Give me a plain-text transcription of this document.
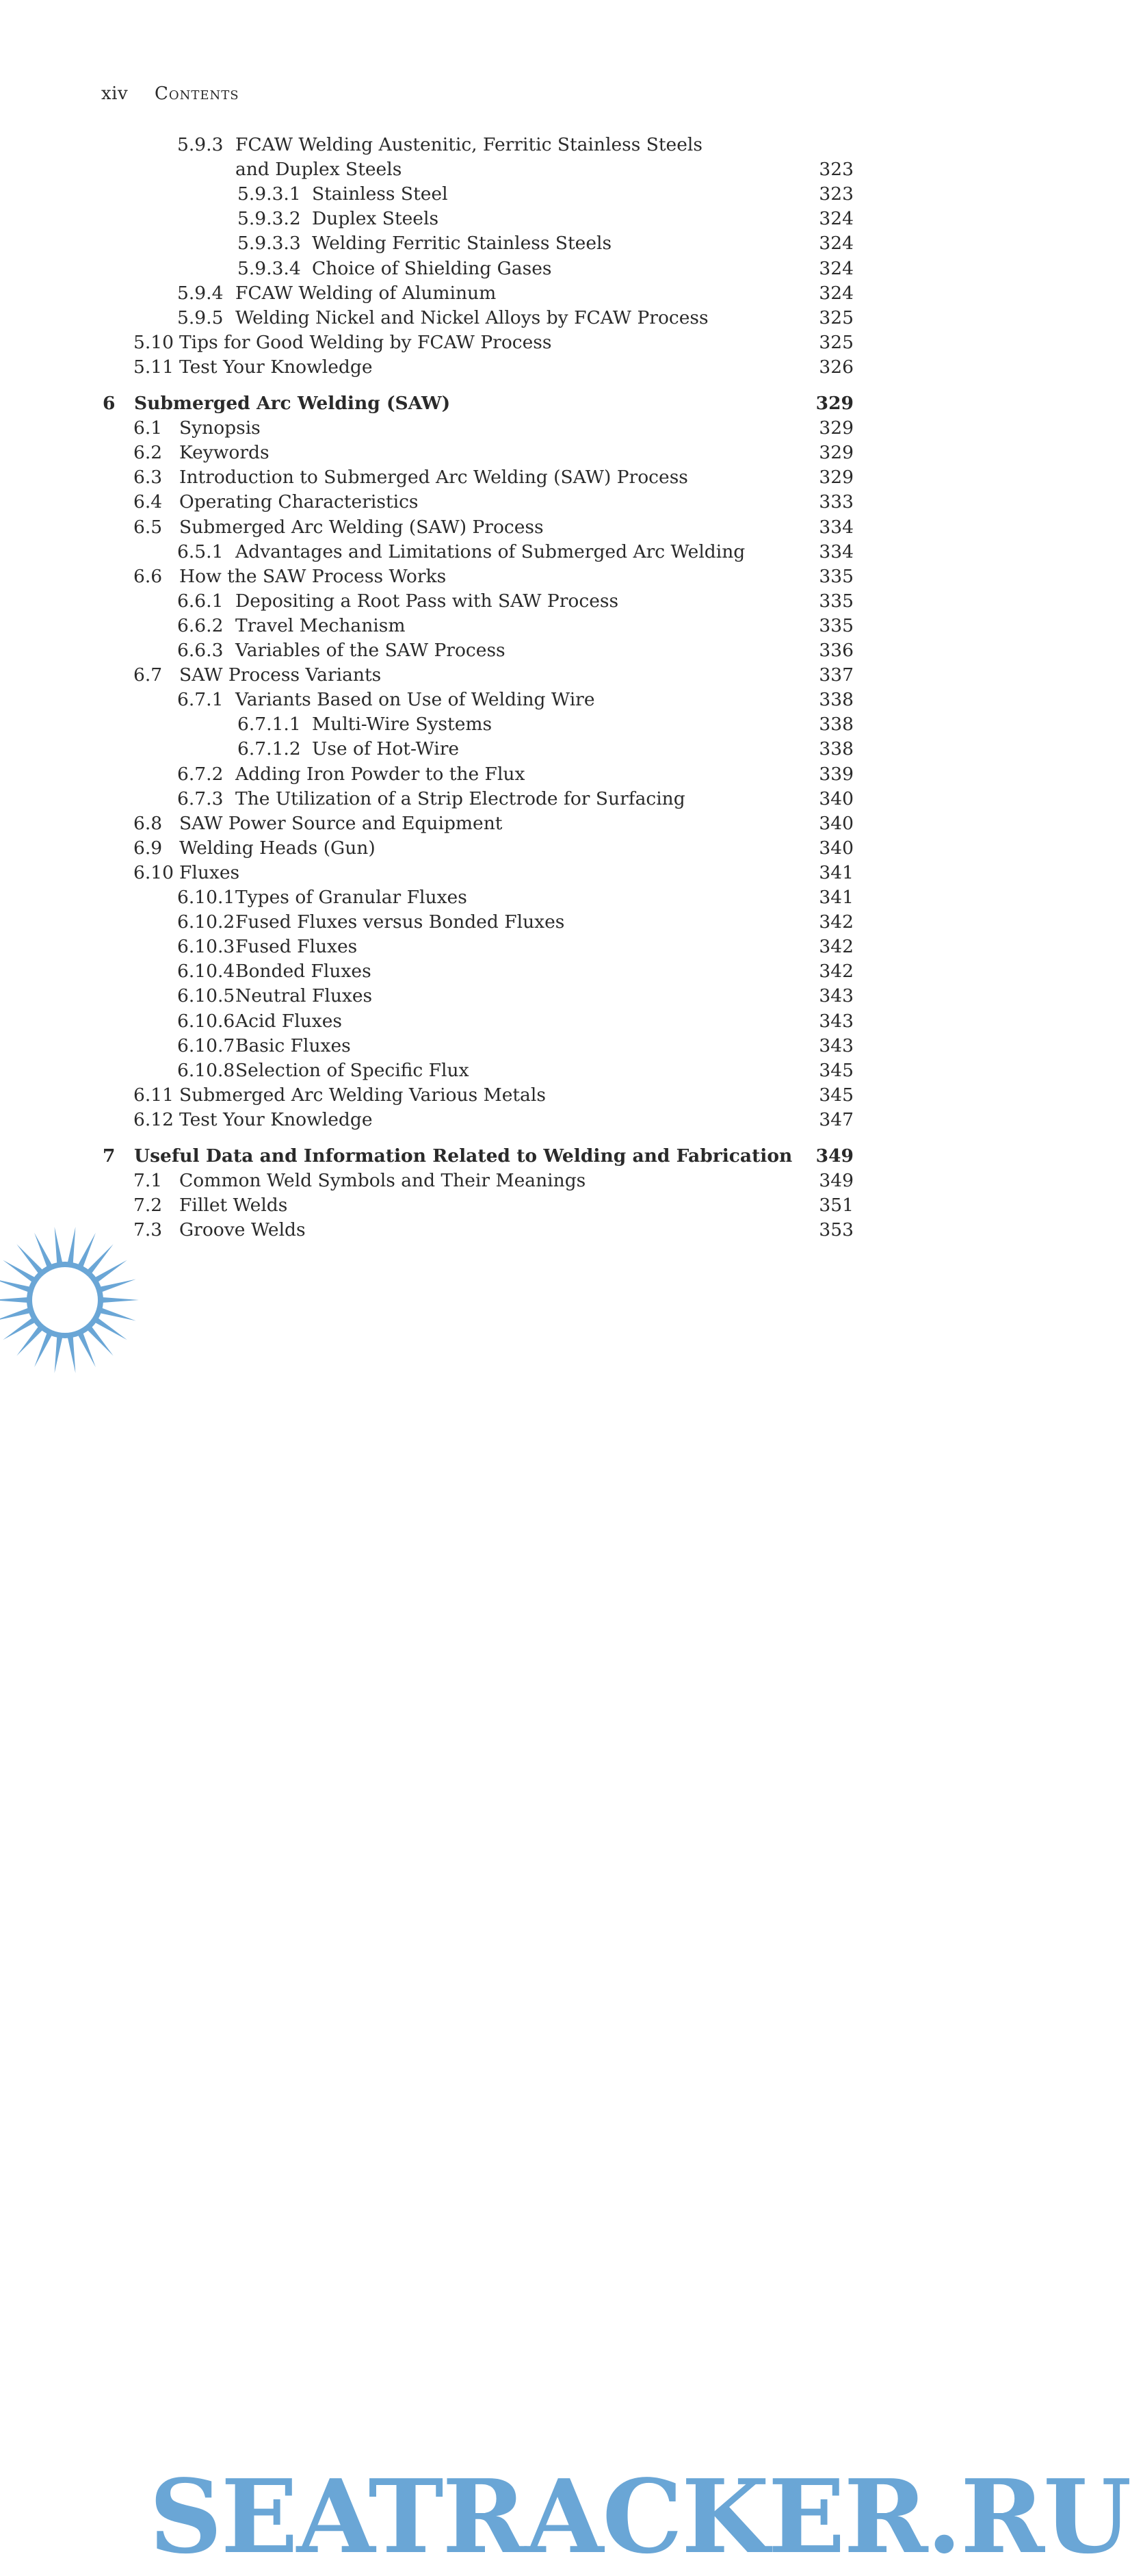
xiv Contents
5.9.3 FCAW Welding Austenitic, Ferritic Stainless Steels
and Duplex Steels	323
5.9.3.1 Stainless Steel	323
5.9.3.2 Duplex Steels	324
5.9.3.3 Welding Ferritic Stainless Steels	324
5.9.3.4 Choice of Shielding Gases	324
5.9.4 FCAW Welding of Aluminum	324
5.9.5 Welding Nickel and Nickel Alloys by FCAW Process	325
5.10 Tips for Good Welding by FCAW Process	325
5.11 Test Your Knowledge	326
6 Submerged Arc Welding (SAW)	329
6.1 Synopsis	329
6.2 Keywords	329
6.3 Introduction to Submerged Arc Welding (SAW) Process	329
6.4 Operating Characteristics	333
6.5 Submerged Arc Welding (SAW) Process	334
6.5.1 Advantages and Limitations of Submerged Arc Welding	334
6.6 How the SAW Process Works	335
6.6.1 Depositing a Root Pass with SAW Process	335
6.6.2 Travel Mechanism	335
6.6.3 Variables of the SAW Process	336
6.7 SAW Process Variants	337
6.7.1 Variants Based on Use of Welding Wire	338
6.7.1.1 Multi-Wire Systems	338
6.7.1.2 Use of Hot-Wire	338
6.7.2 Adding Iron Powder to the Flux	339
6.7.3 The Utilization of a Strip Electrode for Surfacing	340
6.8 SAW Power Source and Equipment	340
6.9 Welding Heads (Gun)	340
6.10 Fluxes	341
6.10.1 Types of Granular Fluxes	341
6.10.2 Fused Fluxes versus Bonded Fluxes	342
6.10.3 Fused Fluxes	342
6.10.4 Bonded Fluxes	342
6.10.5 Neutral Fluxes	343
6.10.6 Acid Fluxes	343
6.10.7 Basic Fluxes	343
6.10.8 Selection of Specific Flux	345
6.11 Submerged Arc Welding Various Metals	345
6.12 Test Your Knowledge	347
7 Useful Data and Information Related to Welding and Fabrication 349
7.1 Common Weld Symbols and Their Meanings	349
7.2 Fillet Welds	351
7.3 Groove Welds	353
SEATRACKER.RU
